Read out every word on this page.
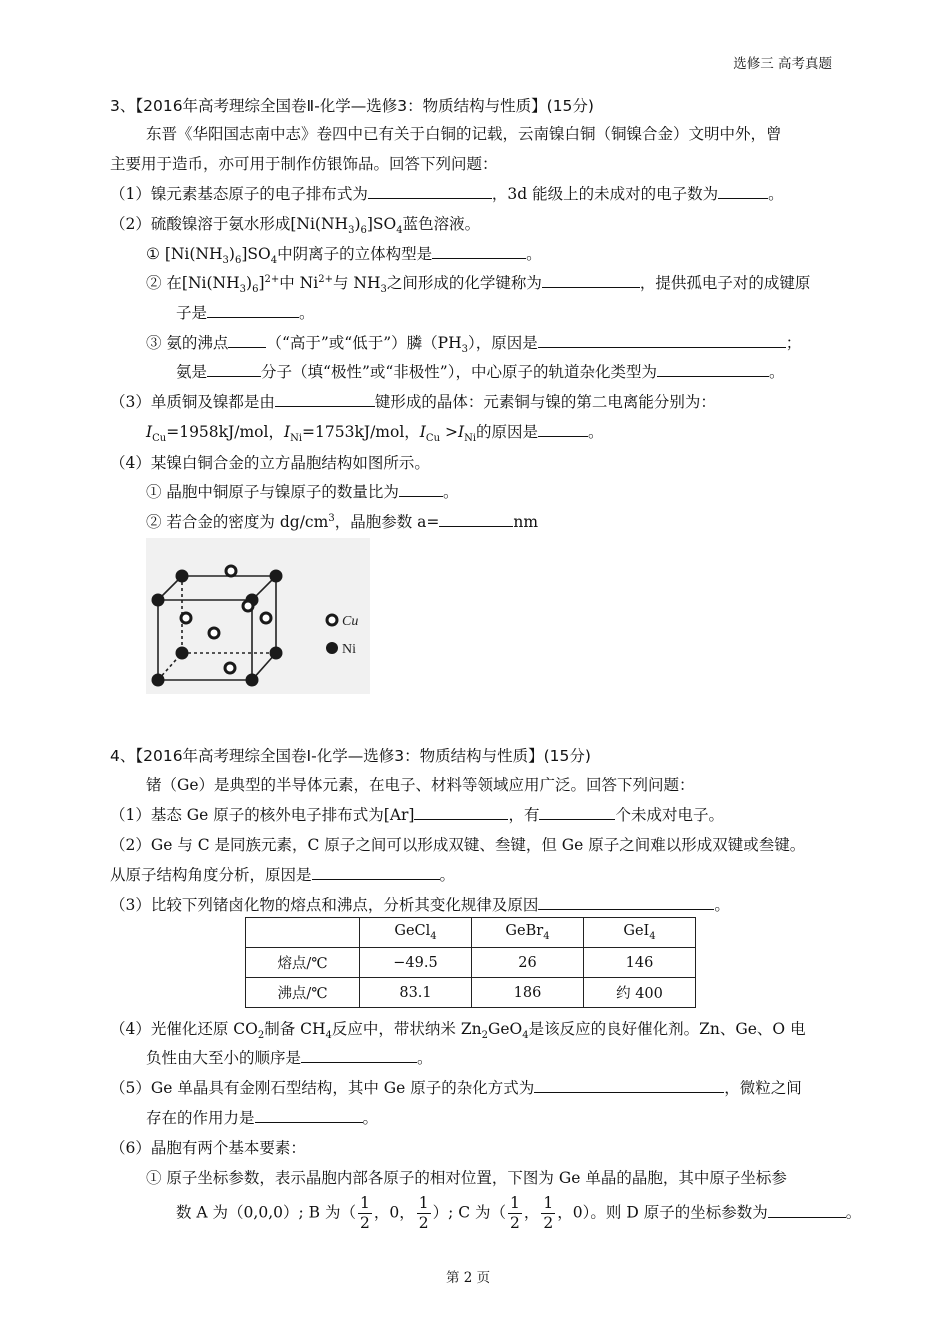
选修三 高考真题
3、【2016年高考理综全国卷Ⅱ-化学—选修3：物质结构与性质】(15分)
东晋《华阳国志南中志》卷四中已有关于白铜的记载，云南镍白铜（铜镍合金）文明中外，曾
主要用于造币，亦可用于制作仿银饰品。回答下列问题：
（1）镍元素基态原子的电子排布式为	，3d 能级上的未成对的电子数为	。
（2）硫酸镍溶于氨水形成$[Ni(NH_3)_6]SO_4$蓝色溶液。
① $[Ni(NH_3)_6]SO_4$中阴离子的立体构型是	。
② 在$[Ni(NH_3)_6]^{2+}$中 $Ni^{2+}$与 $NH_3$之间形成的化学键称为	，提供孤电子对的成键原
子是	。
③ 氨的沸点 （“高于”或“低于”）膦$(PH_3)$，原因是	；
氨是	分子（填“极性”或“非极性”），中心原子的轨道杂化类型为	。
（3）单质铜及镍都是由	键形成的晶体：元素铜与镍的第二电离能分别为：
$I_{Cu}=1958kJ$/mol，$I_{Ni}=1753kJ$/mol，$I_{Cu} >I_{Ni}$的原因是	。
（4）某镍白铜合金的立方晶胞结构如图所示。
① 晶胞中铜原子与镍原子的数量比为	。
② 若合金的密度为 $dg/cm^3$，晶胞参数 a=	nm
Cu
Ni
4、【2016年高考理综全国卷Ⅰ-化学—选修3：物质结构与性质】(15分)
锗（Ge）是典型的半导体元素，在电子、材料等领域应用广泛。回答下列问题：
（1）基态 Ge 原子的核外电子排布式为[Ar]	，有	个未成对电子。
（2）Ge 与 C 是同族元素，C 原子之间可以形成双键、叁键，但 Ge 原子之间难以形成双键或叁键。
从原子结构角度分析，原因是	。
（3）比较下列锗卤化物的熔点和沸点，分析其变化规律及原因	。
	GeCl$_4$	GeBr$_4$	GeI$_4$
熔点/℃	−49.5	26	146
沸点/℃	83.1	186	约 400
（4）光催化还原 $CO_2$制备 $CH_4$反应中，带状纳米 $Zn_2GeO_4$是该反应的良好催化剂。Zn、Ge、O 电
负性由大至小的顺序是	。
（5）Ge 单晶具有金刚石型结构，其中 Ge 原子的杂化方式为	，微粒之间
存在的作用力是	。
（6）晶胞有两个基本要素：
① 原子坐标参数，表示晶胞内部各原子的相对位置，下图为 Ge 单晶的晶胞，其中原子坐标参
数 A 为（0,0,0）; B 为（ $\frac{1}{2}$ ，0， $\frac{1}{2}$ ）; C 为（ $\frac{1}{2}$ ， $\frac{1}{2}$ ，0）。则 D 原子的坐标参数为	。
第 2 页
